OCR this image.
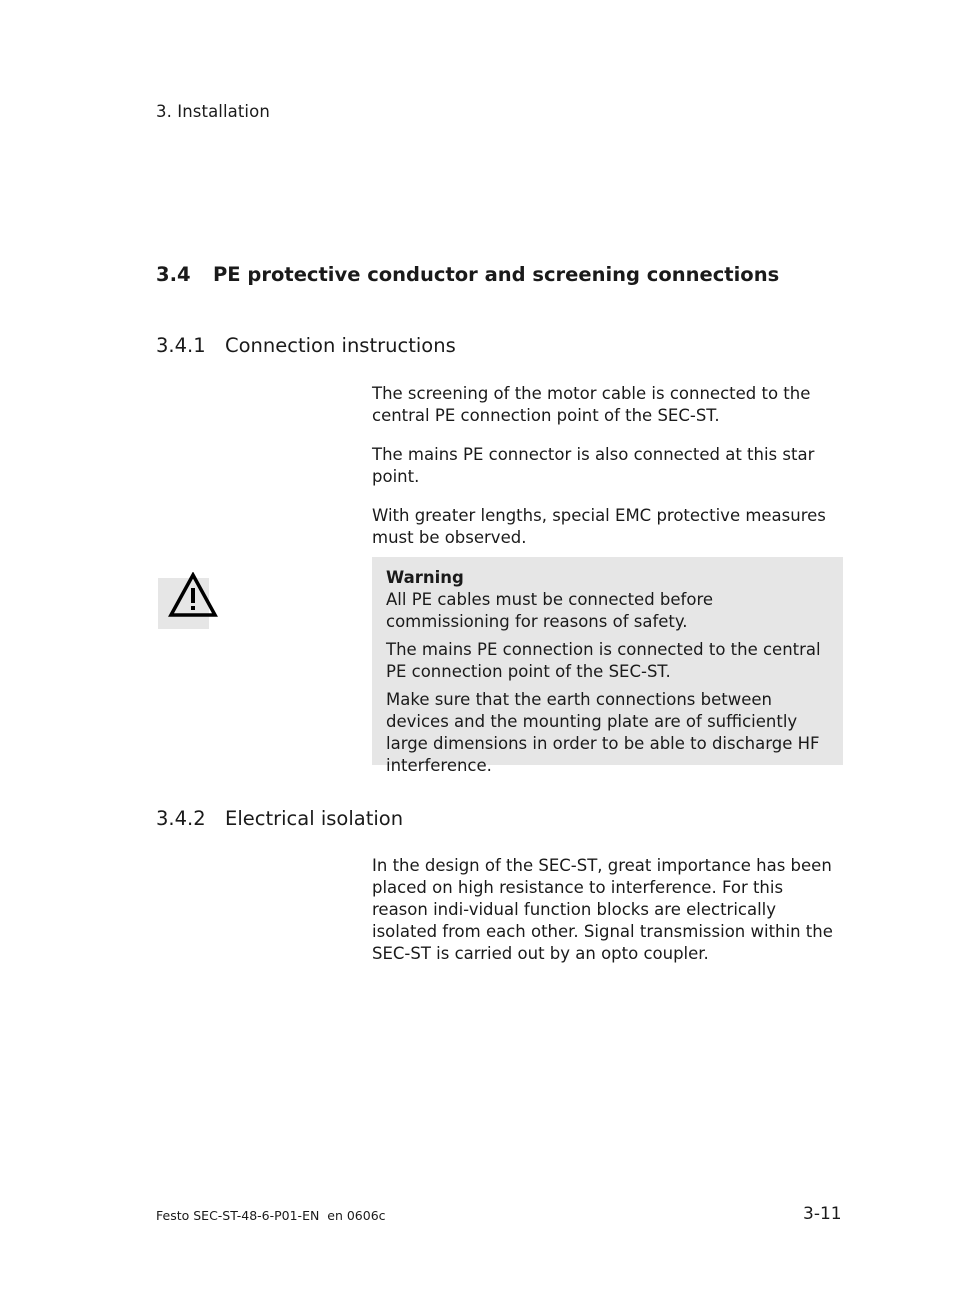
3. Installation
3.4 PE protective conductor and screening connections
3.4.1 Connection instructions

The screening of the motor cable is connected to the central PE connection point of the SEC-ST.

The mains PE connector is also connected at this star point.

With greater lengths, special EMC protective measures must be observed.

Warning

All PE cables must be connected before commissioning for reasons of safety.

The mains PE connection is connected to the central PE connection point of the SEC-ST.

Make sure that the earth connections between devices and the mounting plate are of sufficiently large dimensions in order to be able to discharge HF interference.

3.4.2 Electrical isolation

In the design of the SEC-ST, great importance has been placed on high resistance to interference. For this reason indi-vidual function blocks are electrically isolated from each other. Signal transmission within the SEC-ST is carried out by an opto coupler.

Festo SEC-ST-48-6-P01-EN  en 0606c	3-11
